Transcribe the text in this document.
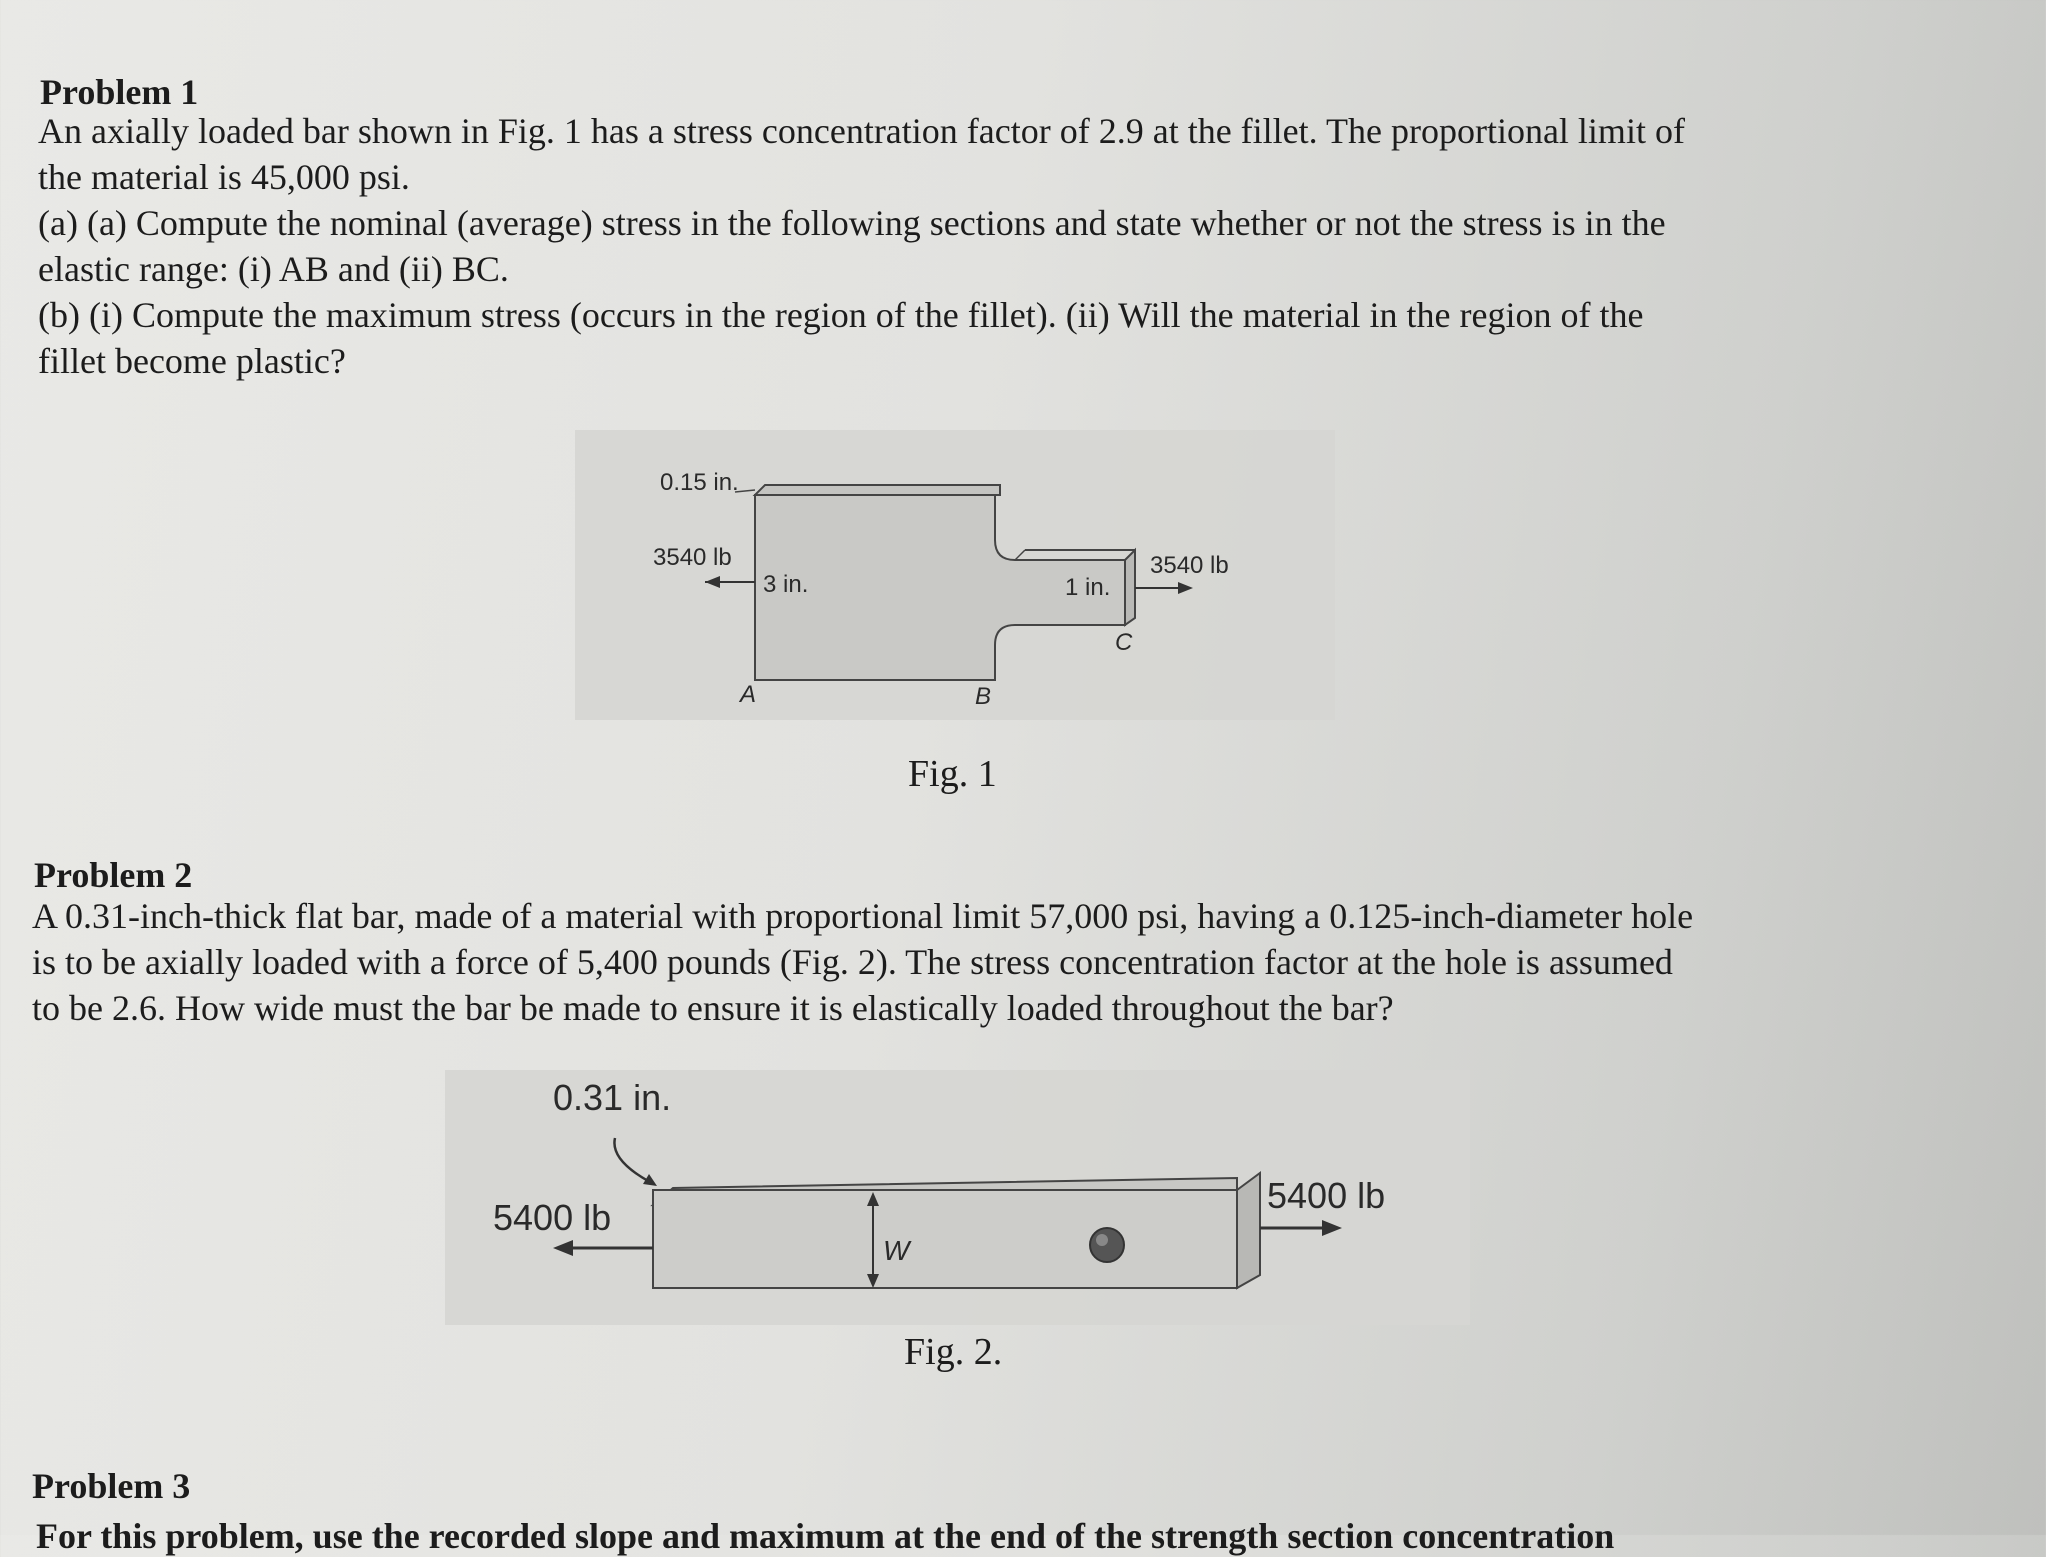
Problem 1
An axially loaded bar shown in Fig. 1 has a stress concentration factor of 2.9 at the fillet. The proportional limit of
the material is 45,000 psi.
(a) (a) Compute the nominal (average) stress in the following sections and state whether or not the stress is in the
elastic range: (i) AB and (ii) BC.
(b) (i) Compute the maximum stress (occurs in the region of the fillet). (ii) Will the material in the region of the
fillet become plastic?
0.15 in.
3540 lb	3540 lb
3 in.	1 in.
A	B
C
Fig. 1
Problem 2
A 0.31-inch-thick flat bar, made of a material with proportional limit 57,000 psi, having a 0.125-inch-diameter hole
is to be axially loaded with a force of 5,400 pounds (Fig. 2). The stress concentration factor at the hole is assumed
to be 2.6. How wide must the bar be made to ensure it is elastically loaded throughout the bar?
0.31 in.
W
5400 lb
5400 lb
Fig. 2.
Problem 3
For this problem, use the recorded slope and maximum at the end of the strength section concentration
